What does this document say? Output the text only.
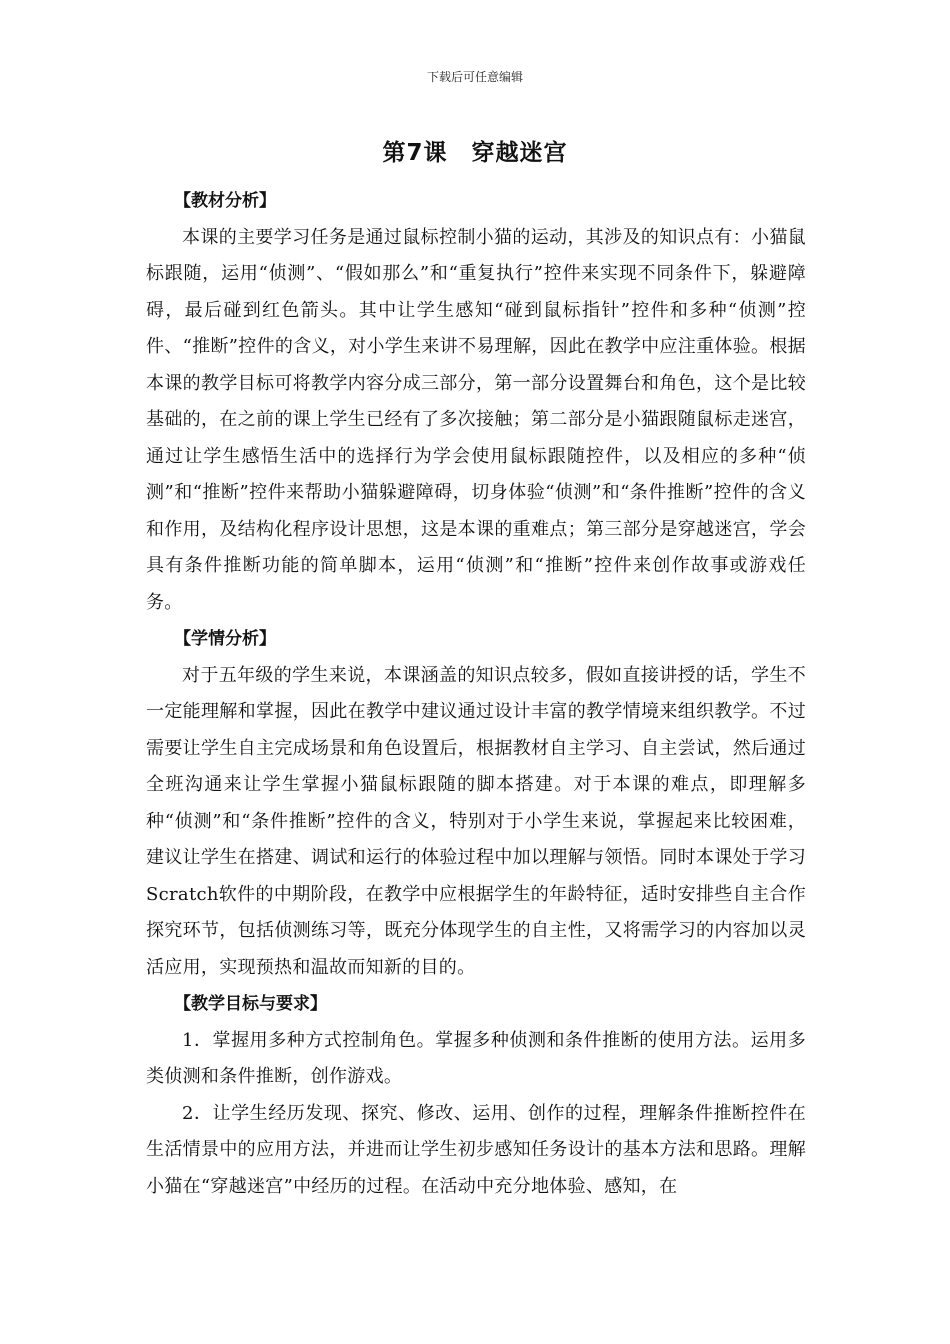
下载后可任意编辑
第7课　穿越迷宫

【教材分析】

本课的主要学习任务是通过鼠标控制小猫的运动，其涉及的知识点有：小猫鼠标跟随，运用“侦测”、“假如那么”和“重复执行”控件来实现不同条件下，躲避障碍，最后碰到红色箭头。其中让学生感知“碰到鼠标指针”控件和多种“侦测”控件、“推断”控件的含义，对小学生来讲不易理解，因此在教学中应注重体验。根据本课的教学目标可将教学内容分成三部分，第一部分设置舞台和角色，这个是比较基础的，在之前的课上学生已经有了多次接触；第二部分是小猫跟随鼠标走迷宫，通过让学生感悟生活中的选择行为学会使用鼠标跟随控件，以及相应的多种“侦测”和“推断”控件来帮助小猫躲避障碍，切身体验“侦测”和“条件推断”控件的含义和作用，及结构化程序设计思想，这是本课的重难点；第三部分是穿越迷宫，学会具有条件推断功能的简单脚本，运用“侦测”和“推断”控件来创作故事或游戏任务。

【学情分析】

对于五年级的学生来说，本课涵盖的知识点较多，假如直接讲授的话，学生不一定能理解和掌握，因此在教学中建议通过设计丰富的教学情境来组织教学。不过需要让学生自主完成场景和角色设置后，根据教材自主学习、自主尝试，然后通过全班沟通来让学生掌握小猫鼠标跟随的脚本搭建。对于本课的难点，即理解多种“侦测”和“条件推断”控件的含义，特别对于小学生来说，掌握起来比较困难，建议让学生在搭建、调试和运行的体验过程中加以理解与领悟。同时本课处于学习Scratch软件的中期阶段，在教学中应根据学生的年龄特征，适时安排些自主合作探究环节，包括侦测练习等，既充分体现学生的自主性，又将需学习的内容加以灵活应用，实现预热和温故而知新的目的。

【教学目标与要求】

1．掌握用多种方式控制角色。掌握多种侦测和条件推断的使用方法。运用多类侦测和条件推断，创作游戏。

2．让学生经历发现、探究、修改、运用、创作的过程，理解条件推断控件在生活情景中的应用方法，并进而让学生初步感知任务设计的基本方法和思路。理解小猫在“穿越迷宫”中经历的过程。在活动中充分地体验、感知，在
